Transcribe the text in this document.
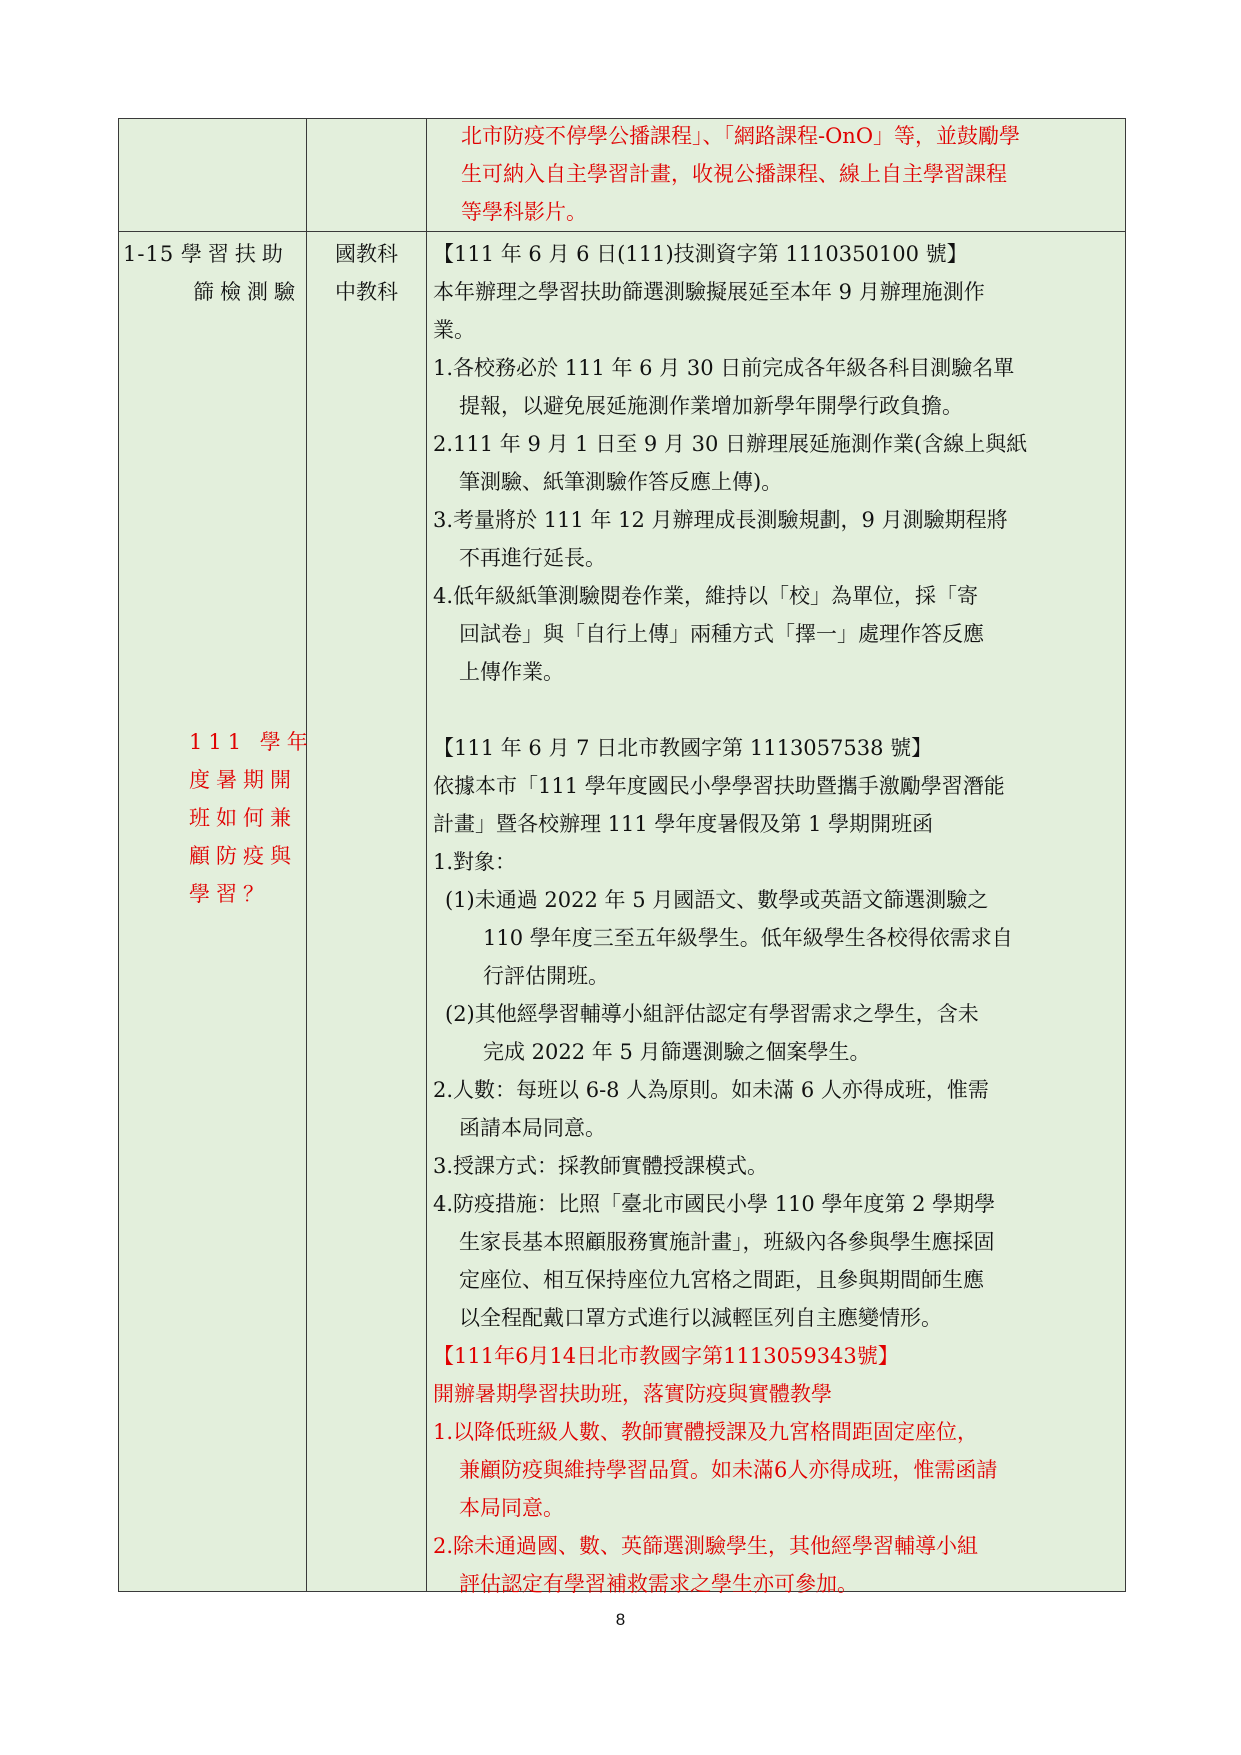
北市防疫不停學公播課程」、「網路課程-OnO」等，並鼓勵學
生可納入自主學習計畫，收視公播課程、線上自主學習課程
等學科影片。
1-15 學習扶助
篩檢測驗
國教科
中教科
111 學年
度暑期開
班如何兼
顧防疫與
學習？
【111 年 6 月 6 日(111)技測資字第 1110350100 號】
本年辦理之學習扶助篩選測驗擬展延至本年 9 月辦理施測作
業。
1.各校務必於 111 年 6 月 30 日前完成各年級各科目測驗名單
提報，以避免展延施測作業增加新學年開學行政負擔。
2.111 年 9 月 1 日至 9 月 30 日辦理展延施測作業(含線上與紙
筆測驗、紙筆測驗作答反應上傳)。
3.考量將於 111 年 12 月辦理成長測驗規劃，9 月測驗期程將
不再進行延長。
4.低年級紙筆測驗閱卷作業，維持以「校」為單位，採「寄
回試卷」與「自行上傳」兩種方式「擇一」處理作答反應
上傳作業。
【111 年 6 月 7 日北市教國字第 1113057538 號】
依據本市「111 學年度國民小學學習扶助暨攜手激勵學習潛能
計畫」暨各校辦理 111 學年度暑假及第 1 學期開班函
1.對象：
(1)未通過 2022 年 5 月國語文、數學或英語文篩選測驗之
110 學年度三至五年級學生。低年級學生各校得依需求自
行評估開班。
(2)其他經學習輔導小組評估認定有學習需求之學生，含未
完成 2022 年 5 月篩選測驗之個案學生。
2.人數：每班以 6-8 人為原則。如未滿 6 人亦得成班，惟需
函請本局同意。
3.授課方式：採教師實體授課模式。
4.防疫措施：比照「臺北市國民小學 110 學年度第 2 學期學
生家長基本照顧服務實施計畫」，班級內各參與學生應採固
定座位、相互保持座位九宮格之間距，且參與期間師生應
以全程配戴口罩方式進行以減輕匡列自主應變情形。
【111年6月14日北市教國字第1113059343號】
開辦暑期學習扶助班，落實防疫與實體教學
1.以降低班級人數、教師實體授課及九宮格間距固定座位，
兼顧防疫與維持學習品質。如未滿6人亦得成班，惟需函請
本局同意。
2.除未通過國、數、英篩選測驗學生，其他經學習輔導小組
評估認定有學習補救需求之學生亦可參加。
8
